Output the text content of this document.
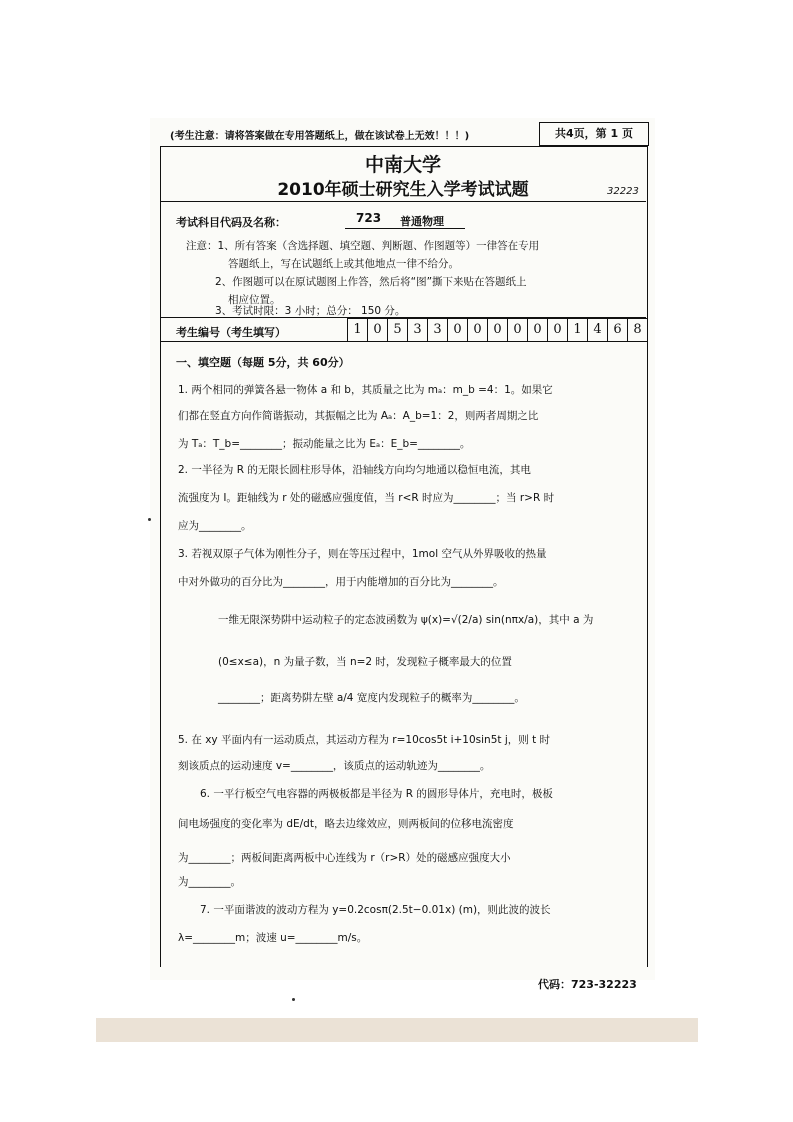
(考生注意：请将答案做在专用答题纸上，做在该试卷上无效！！！)	共4页，第 1 页
中南大学
2010年硕士研究生入学考试试题	32223
考试科目代码及名称：	723 普通物理
注意：1、所有答案（含选择题、填空题、判断题、作图题等）一律答在专用
答题纸上，写在试题纸上或其他地点一律不给分。
2、作图题可以在原试题图上作答，然后将“图”撕下来贴在答题纸上
相应位置。
3、考试时限：3 小时；总分： 150 分。
考生编号（考生填写）	1 0 5 3 3 0 0 0 0 0 0 1 4 6 8
一、填空题（每题 5分，共 60分）
1. 两个相同的弹簧各悬一物体 a 和 b，其质量之比为 mₐ：m_b =4：1。如果它
们都在竖直方向作简谐振动，其振幅之比为 Aₐ：A_b=1：2，则两者周期之比
为 Tₐ：T_b=________；振动能量之比为 Eₐ：E_b=________。
2. 一半径为 R 的无限长圆柱形导体，沿轴线方向均匀地通以稳恒电流，其电
流强度为 I。距轴线为 r 处的磁感应强度值，当 r<R 时应为________；当 r>R 时
应为________。
3. 若视双原子气体为刚性分子，则在等压过程中，1mol 空气从外界吸收的热量
中对外做功的百分比为________，用于内能增加的百分比为________。
一维无限深势阱中运动粒子的定态波函数为 ψ(x)=√(2/a) sin(nπx/a)，其中 a 为
(0≤x≤a)，n 为量子数，当 n=2 时，发现粒子概率最大的位置
________；距离势阱左壁 a/4 宽度内发现粒子的概率为________。
5. 在 xy 平面内有一运动质点，其运动方程为 r=10cos5t i+10sin5t j，则 t 时
刻该质点的运动速度 v=________，该质点的运动轨迹为________。
6. 一平行板空气电容器的两极板都是半径为 R 的圆形导体片，充电时，极板
间电场强度的变化率为 dE/dt，略去边缘效应，则两板间的位移电流密度
为________；两板间距离两板中心连线为 r（r>R）处的磁感应强度大小
为________。
7. 一平面谐波的波动方程为 y=0.2cosπ(2.5t−0.01x) (m)，则此波的波长
λ=________m；波速 u=________m/s。
代码：723-32223
